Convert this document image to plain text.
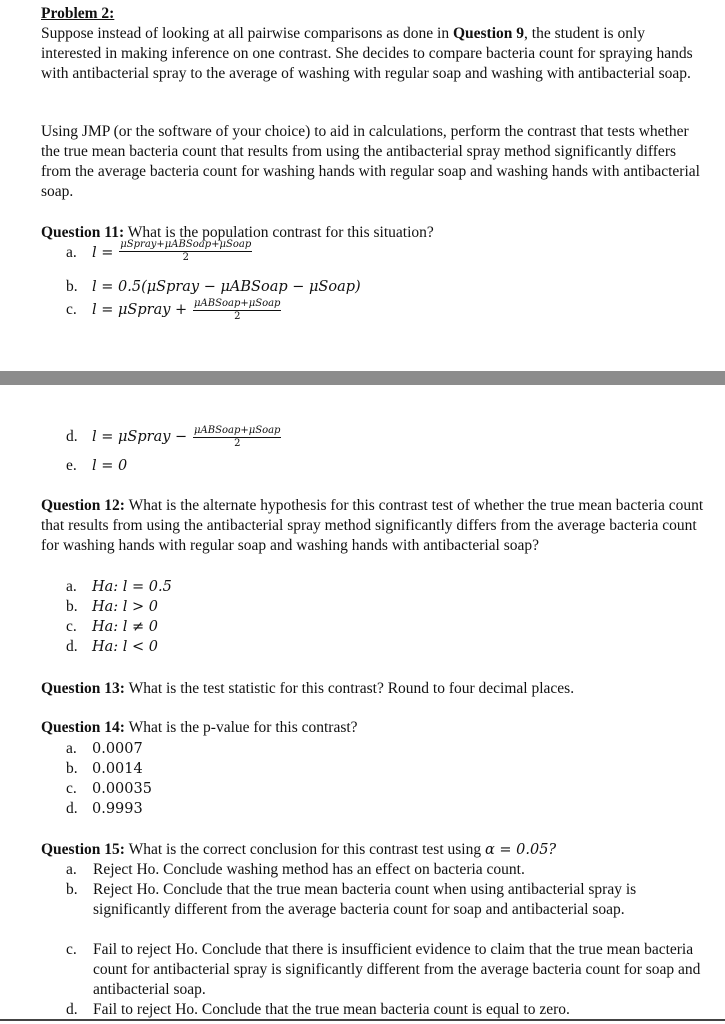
Problem 2:
Suppose instead of looking at all pairwise comparisons as done in Question 9, the student is only interested in making inference on one contrast. She decides to compare bacteria count for spraying hands with antibacterial spray to the average of washing with regular soap and washing with antibacterial soap.
Using JMP (or the software of your choice) to aid in calculations, perform the contrast that tests whether the true mean bacteria count that results from using the antibacterial spray method significantly differs from the average bacteria count for washing hands with regular soap and washing hands with antibacterial soap.
Question 11: What is the population contrast for this situation?
a. $l = \frac{\text{μSpray+μABSoap+μSoap}}{2}$
b. l = 0.5(μSpray − μABSoap − μSoap)
c. l = μSpray + $\frac{\text{μABSoap+μSoap}}{2}$
d. l = μSpray − $\frac{\text{μABSoap+μSoap}}{2}$
e. l = 0
Question 12: What is the alternate hypothesis for this contrast test of whether the true mean bacteria count that results from using the antibacterial spray method significantly differs from the average bacteria count for washing hands with regular soap and washing hands with antibacterial soap?
a. Ha: l = 0.5
b. Ha: l > 0
c. Ha: l ≠ 0
d. Ha: l < 0
Question 13: What is the test statistic for this contrast? Round to four decimal places.
Question 14: What is the p-value for this contrast?
a. 0.0007
b. 0.0014
c. 0.00035
d. 0.9993
Question 15: What is the correct conclusion for this contrast test using α = 0.05?
a. Reject Ho. Conclude washing method has an effect on bacteria count.
b. Reject Ho. Conclude that the true mean bacteria count when using antibacterial spray is significantly different from the average bacteria count for soap and antibacterial soap.
c. Fail to reject Ho. Conclude that there is insufficient evidence to claim that the true mean bacteria count for antibacterial spray is significantly different from the average bacteria count for soap and antibacterial soap.
d. Fail to reject Ho. Conclude that the true mean bacteria count is equal to zero.
